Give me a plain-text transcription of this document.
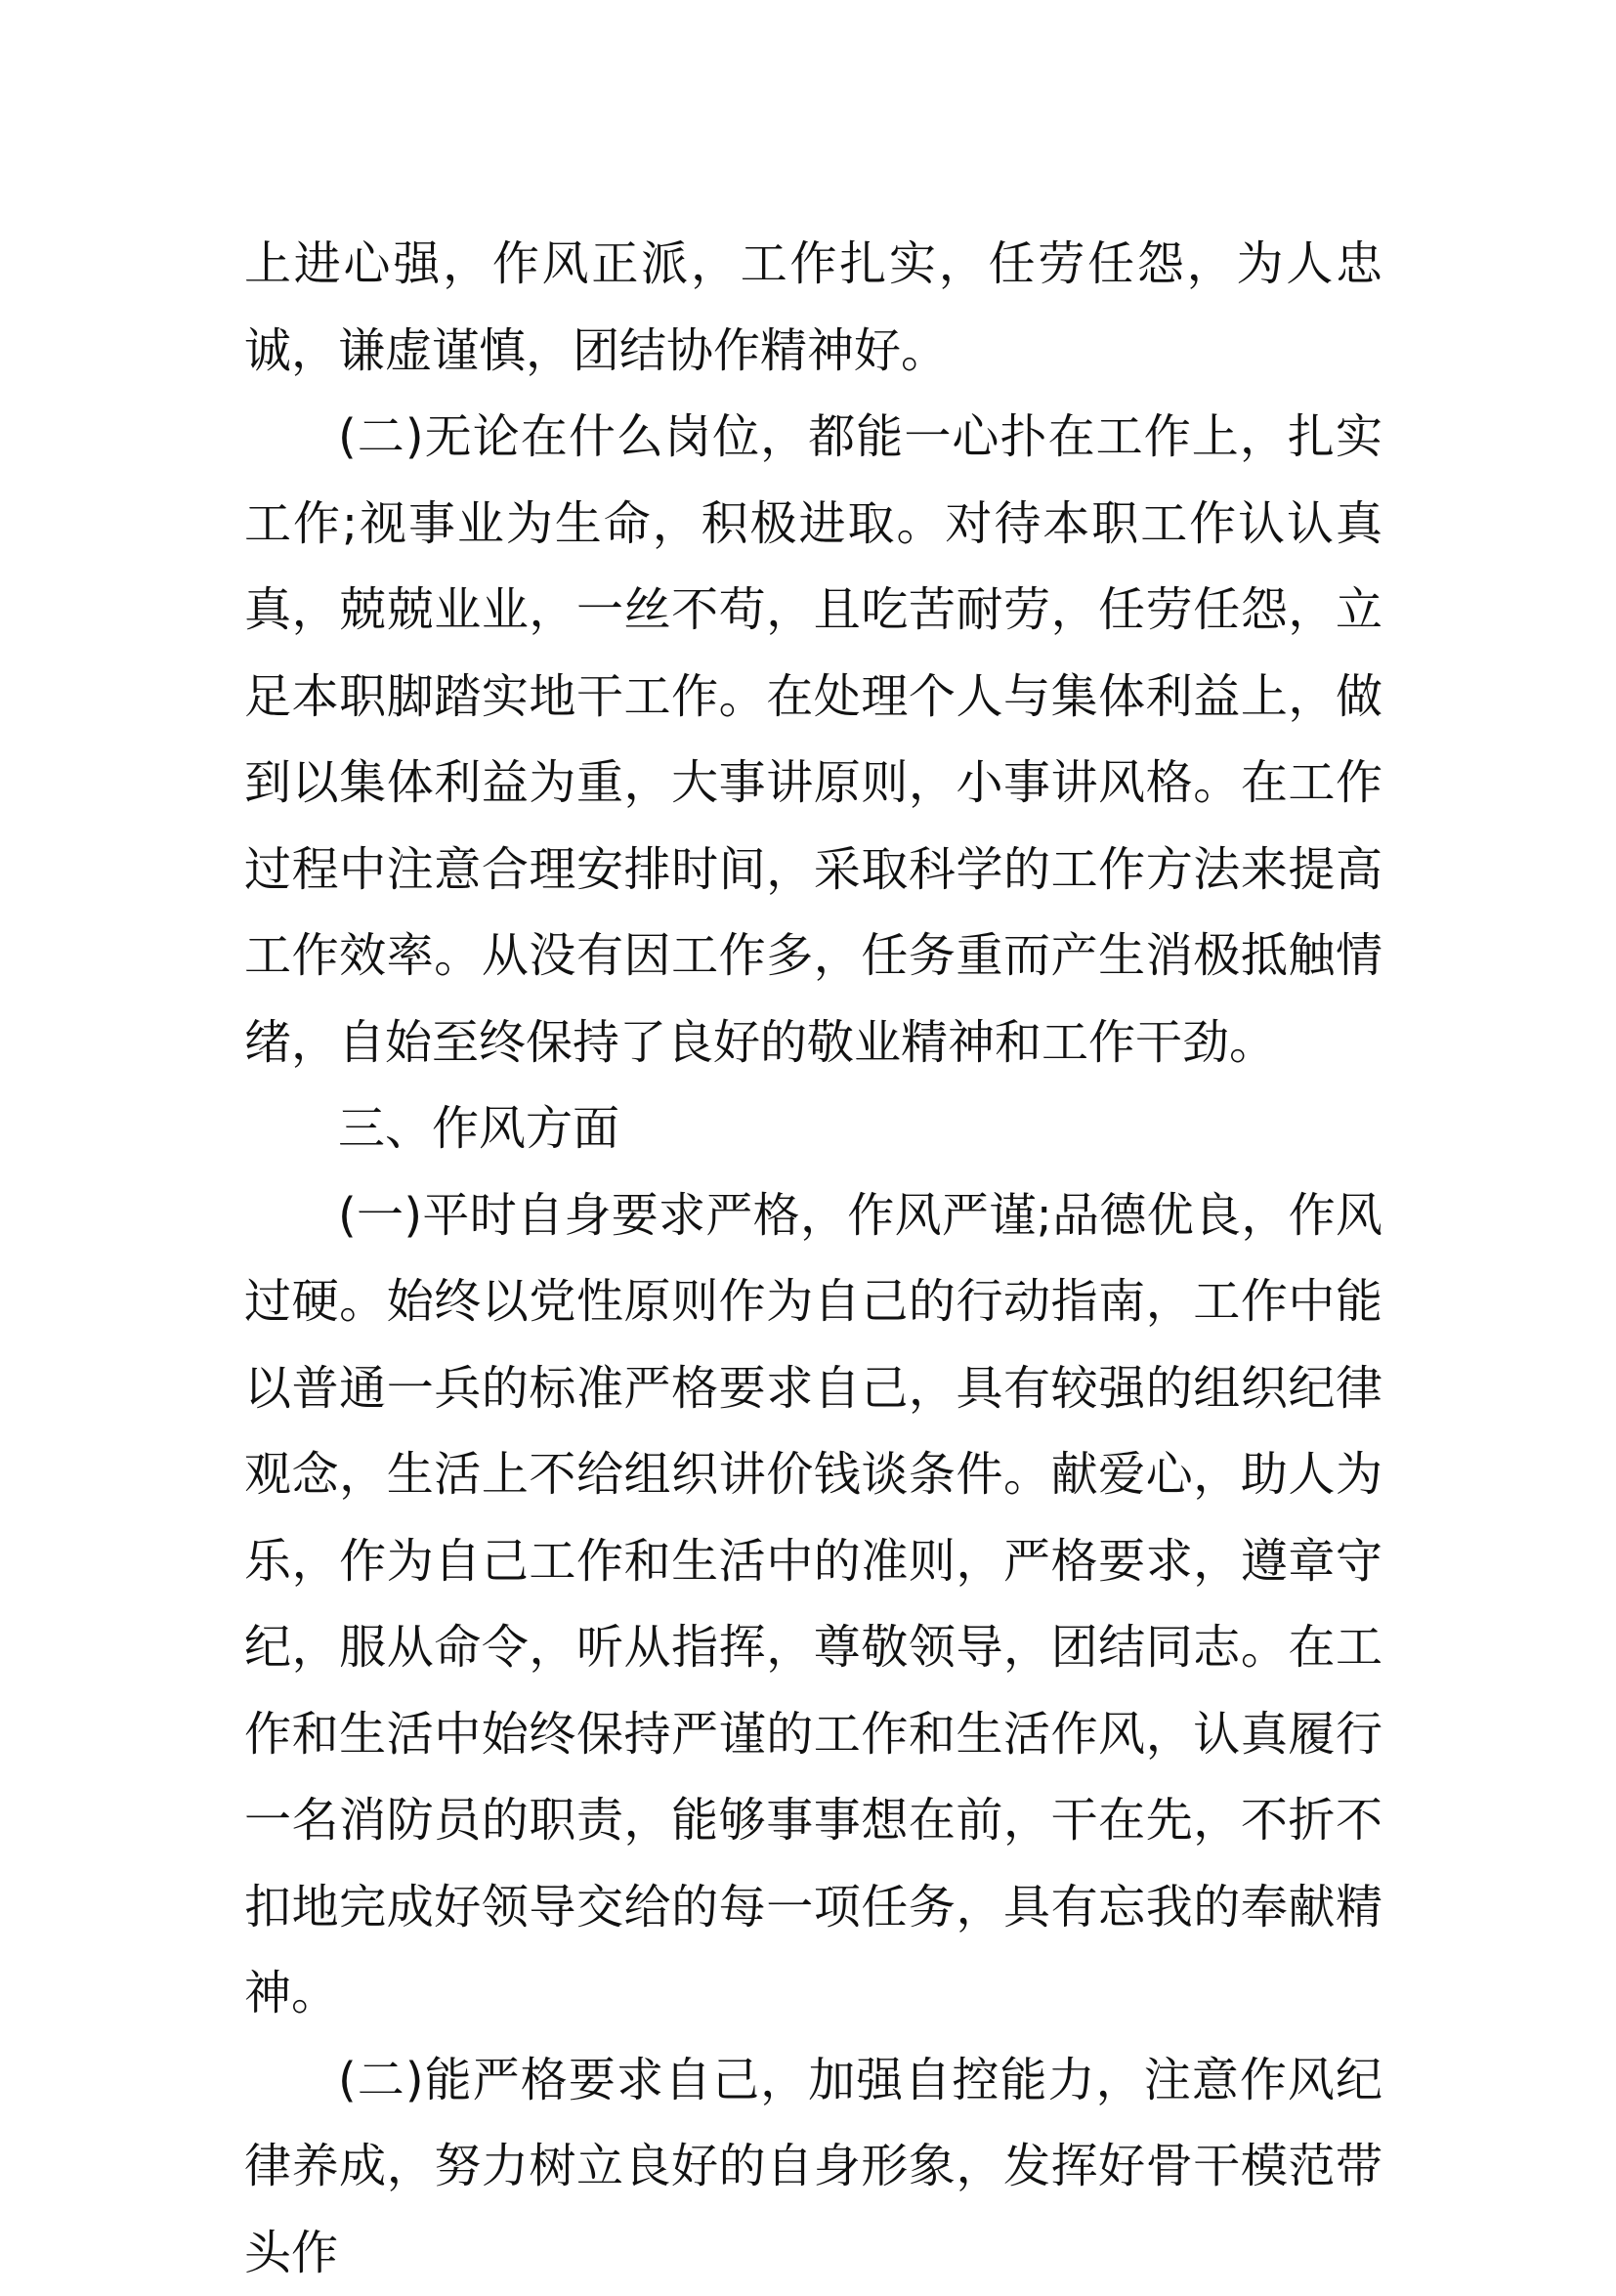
上进心强，作风正派，工作扎实，任劳任怨，为人忠诚，谦虚谨慎，团结协作精神好。

(二)无论在什么岗位，都能一心扑在工作上，扎实工作;视事业为生命，积极进取。对待本职工作认认真真，兢兢业业，一丝不苟，且吃苦耐劳，任劳任怨，立足本职脚踏实地干工作。在处理个人与集体利益上，做到以集体利益为重，大事讲原则，小事讲风格。在工作过程中注意合理安排时间，采取科学的工作方法来提高工作效率。从没有因工作多，任务重而产生消极抵触情绪，自始至终保持了良好的敬业精神和工作干劲。

三、作风方面

(一)平时自身要求严格，作风严谨;品德优良，作风过硬。始终以党性原则作为自己的行动指南，工作中能以普通一兵的标准严格要求自己，具有较强的组织纪律观念，生活上不给组织讲价钱谈条件。献爱心，助人为乐，作为自己工作和生活中的准则，严格要求，遵章守纪，服从命令，听从指挥，尊敬领导，团结同志。在工作和生活中始终保持严谨的工作和生活作风，认真履行一名消防员的职责，能够事事想在前，干在先，不折不扣地完成好领导交给的每一项任务，具有忘我的奉献精神。

(二)能严格要求自己，加强自控能力，注意作风纪律养成，努力树立良好的自身形象，发挥好骨干模范带头作
